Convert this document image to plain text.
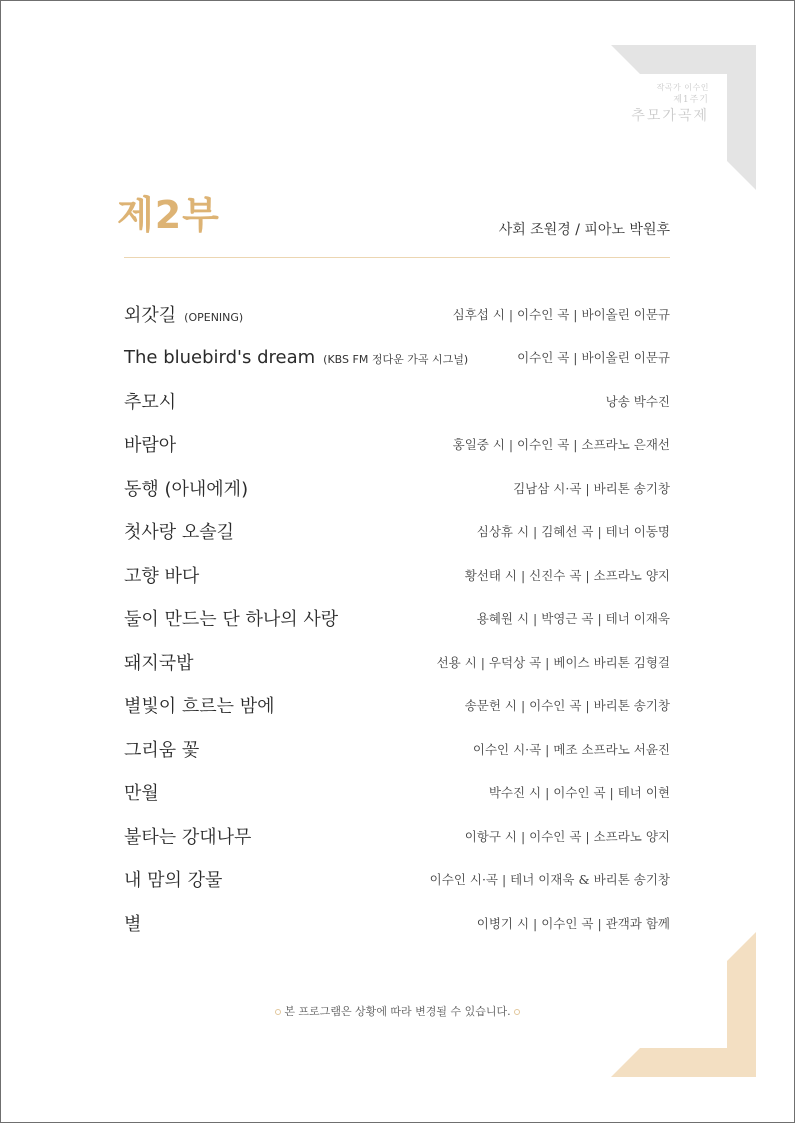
작곡가 이수인
제1주기
추모가곡제
제2부	사회 조원경 / 피아노 박원후
외갓길 (OPENING)	심후섭 시 | 이수인 곡 | 바이올린 이문규
The bluebird's dream (KBS FM 정다운 가곡 시그널)	이수인 곡 | 바이올린 이문규
추모시	낭송 박수진
바람아	홍일중 시 | 이수인 곡 | 소프라노 은재선
동행 (아내에게)	김남삼 시·곡 | 바리톤 송기창
첫사랑 오솔길	심상휴 시 | 김혜선 곡 | 테너 이동명
고향 바다	황선태 시 | 신진수 곡 | 소프라노 양지
둘이 만드는 단 하나의 사랑	용혜원 시 | 박영근 곡 | 테너 이재욱
돼지국밥	선용 시 | 우덕상 곡 | 베이스 바리톤 김형걸
별빛이 흐르는 밤에	송문헌 시 | 이수인 곡 | 바리톤 송기창
그리움 꽃	이수인 시·곡 | 메조 소프라노 서윤진
만월	박수진 시 | 이수인 곡 | 테너 이현
불타는 강대나무	이항구 시 | 이수인 곡 | 소프라노 양지
내 맘의 강물	이수인 시·곡 | 테너 이재욱 & 바리톤 송기창
별	이병기 시 | 이수인 곡 | 관객과 함께
본 프로그램은 상황에 따라 변경될 수 있습니다.
